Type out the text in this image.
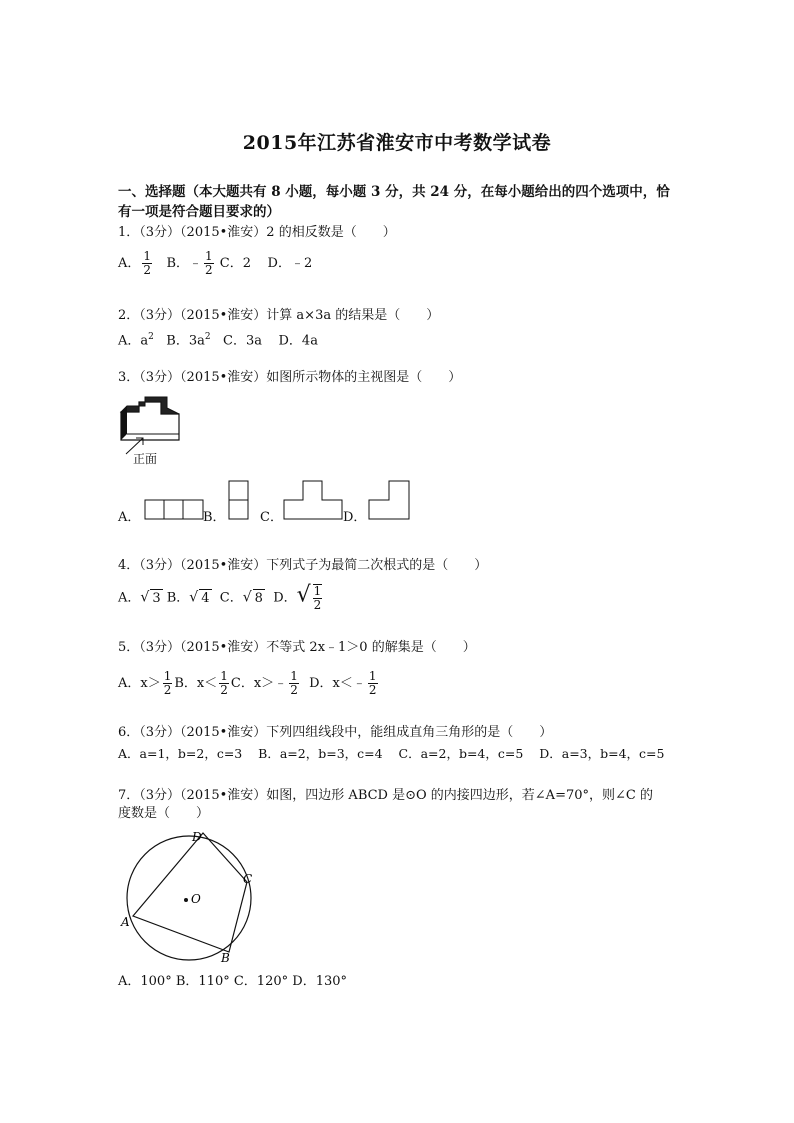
2015年江苏省淮安市中考数学试卷
一、选择题（本大题共有 8 小题，每小题 3 分，共 24 分，在每小题给出的四个选项中，恰
有一项是符合题目要求的）
1．（3分）（2015•淮安）2 的相反数是（　　）
A． $\frac{1}{2}$ B．﹣ $\frac{1}{2}$ C．2 D．﹣2
2．（3分）（2015•淮安）计算 a×3a 的结果是（　　）
A．$a^2$ B．$3a^2$ C．3a D．4a
3．（3分）（2015•淮安）如图所示物体的主视图是（　　）
正面
A．	B．	C．	D．
4．（3分）（2015•淮安）下列式子为最简二次根式的是（　　）
A．√ 3 B．√ 4 C．√ 8 D．√ $\frac{1}{2}$
5．（3分）（2015•淮安）不等式 2x﹣1＞0 的解集是（　　）
A．$x> \frac{1}{2}$ B．$x< \frac{1}{2}$ C．x＞﹣ $\frac{1}{2}$ D．x＜﹣ $\frac{1}{2}$
6．（3分）（2015•淮安）下列四组线段中，能组成直角三角形的是（　　）
A．a=1，b=2，c=3 B．a=2，b=3，c=4 C．a=2，b=4，c=5 D．a=3，b=4，c=5
7．（3分）（2015•淮安）如图，四边形 ABCD 是⊙O 的内接四边形，若∠A=70°，则∠C 的
度数是（　　）
A
B
C
D
O
A．100° B．110° C．120° D．130°
